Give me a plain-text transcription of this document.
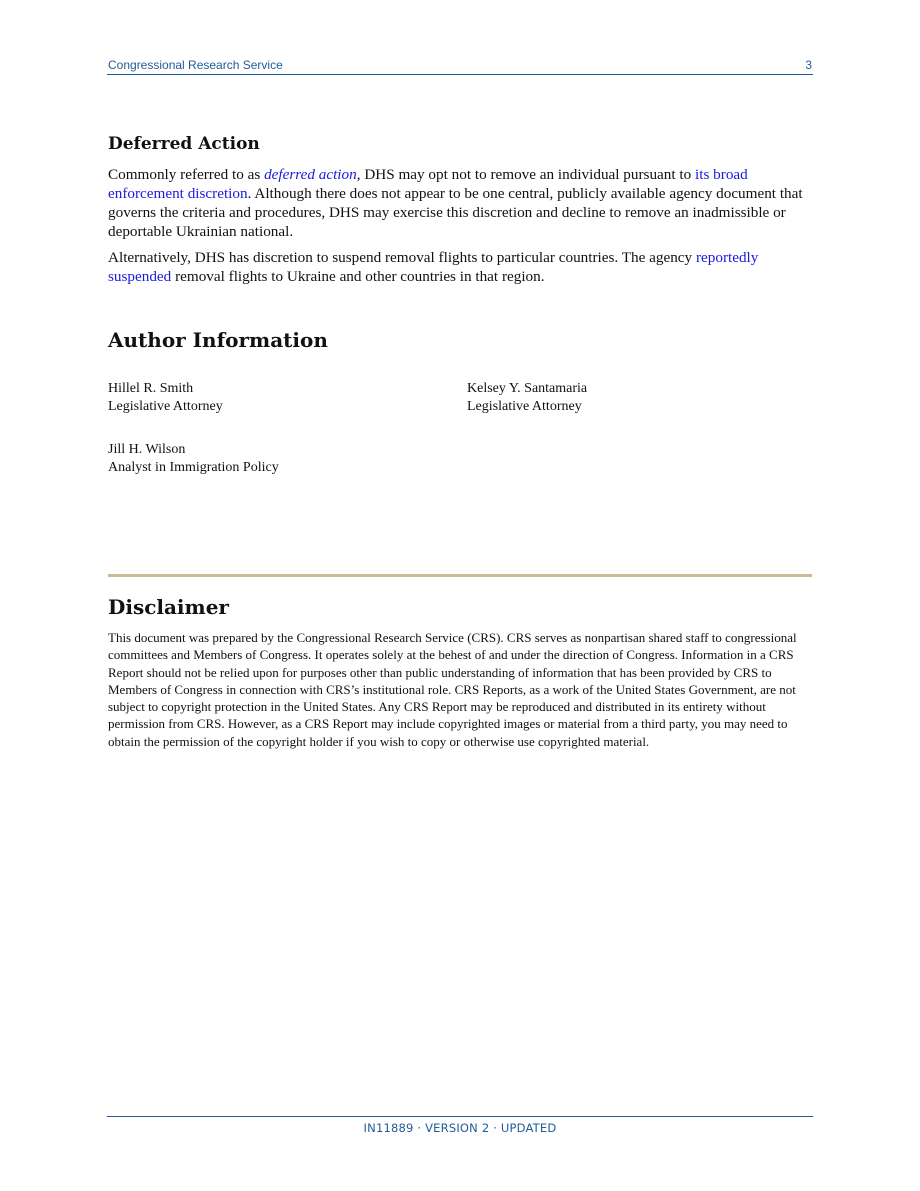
Congressional Research Service	3
Deferred Action

Commonly referred to as deferred action, DHS may opt not to remove an individual pursuant to its broad enforcement discretion. Although there does not appear to be one central, publicly available agency document that governs the criteria and procedures, DHS may exercise this discretion and decline to remove an inadmissible or deportable Ukrainian national.

Alternatively, DHS has discretion to suspend removal flights to particular countries. The agency reportedly suspended removal flights to Ukraine and other countries in that region.

Author Information
Hillel R. Smith
Legislative Attorney
Kelsey Y. Santamaria
Legislative Attorney
Jill H. Wilson
Analyst in Immigration Policy
Disclaimer

This document was prepared by the Congressional Research Service (CRS). CRS serves as nonpartisan shared staff to congressional committees and Members of Congress. It operates solely at the behest of and under the direction of Congress. Information in a CRS Report should not be relied upon for purposes other than public understanding of information that has been provided by CRS to Members of Congress in connection with CRS’s institutional role. CRS Reports, as a work of the United States Government, are not subject to copyright protection in the United States. Any CRS Report may be reproduced and distributed in its entirety without permission from CRS. However, as a CRS Report may include copyrighted images or material from a third party, you may need to obtain the permission of the copyright holder if you wish to copy or otherwise use copyrighted material.

IN11889 · VERSION 2 · UPDATED
